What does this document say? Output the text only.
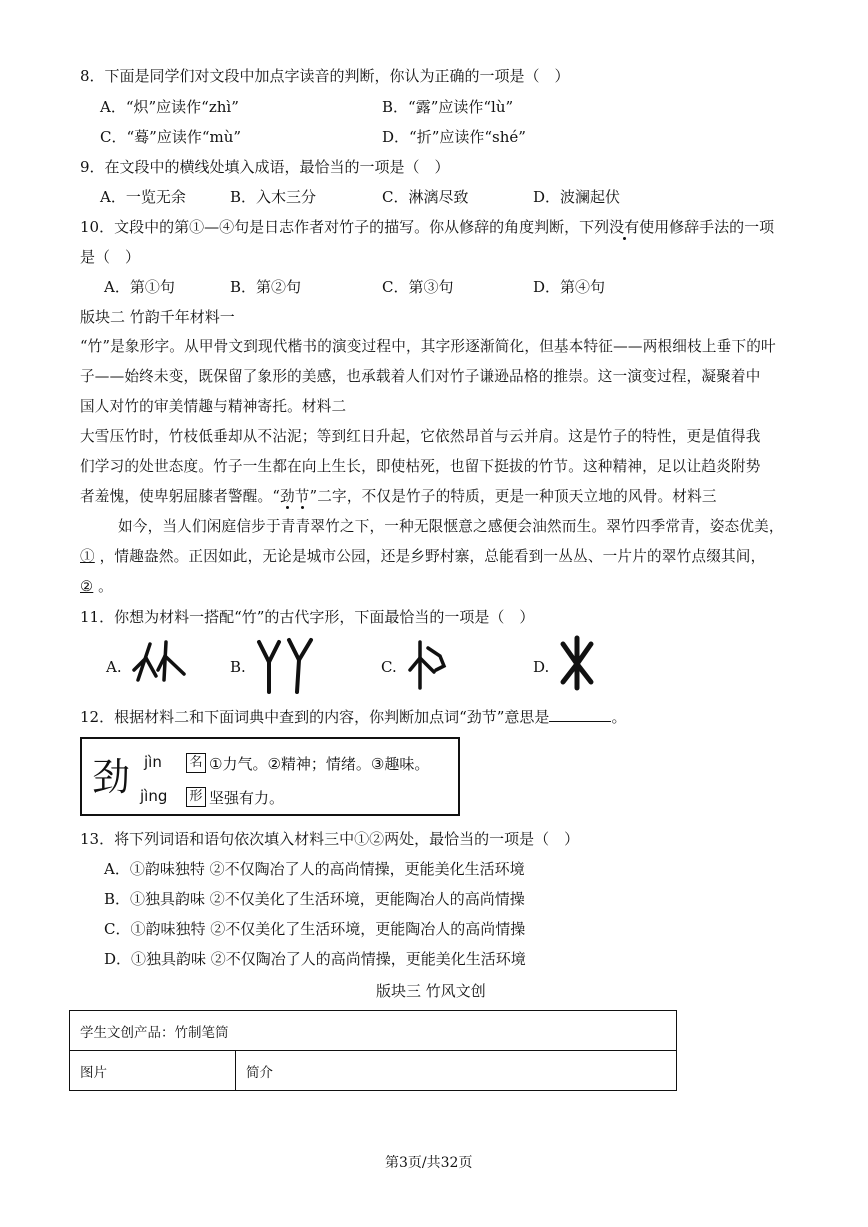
8．下面是同学们对文段中加点字读音的判断，你认为正确的一项是（　）
A．“炽”应读作“zhì”	B．“露”应读作“lù”
C．“蓦”应读作“mù”	D．“折”应读作“shé”
9．在文段中的横线处填入成语，最恰当的一项是（　）
A．一览无余	B．入木三分	C．淋漓尽致	D．波澜起伏
10．文段中的第①—④句是日志作者对竹子的描写。你从修辞的角度判断，下列没有使用修辞手法的一项
是（　）
A．第①句	B．第②句	C．第③句	D．第④句
版块二 竹韵千年材料一
“竹”是象形字。从甲骨文到现代楷书的演变过程中，其字形逐渐简化，但基本特征——两根细枝上垂下的叶
子——始终未变，既保留了象形的美感，也承载着人们对竹子谦逊品格的推崇。这一演变过程，凝聚着中
国人对竹的审美情趣与精神寄托。材料二
大雪压竹时，竹枝低垂却从不沾泥；等到红日升起，它依然昂首与云并肩。这是竹子的特性，更是值得我
们学习的处世态度。竹子一生都在向上生长，即使枯死，也留下挺拔的竹节。这种精神，足以让趋炎附势
者羞愧，使卑躬屈膝者警醒。“劲节”二字，不仅是竹子的特质，更是一种顶天立地的风骨。材料三
如今，当人们闲庭信步于青青翠竹之下，一种无限惬意之感便会油然而生。翠竹四季常青，姿态优美，
① ，情趣盎然。正因如此，无论是城市公园，还是乡野村寨，总能看到一丛丛、一片片的翠竹点缀其间，
② 。
11．你想为材料一搭配“竹”的古代字形，下面最恰当的一项是（　）
A.	B.	C.	D.
12．根据材料二和下面词典中查到的内容，你判断加点词“劲节”意思是	。
劲 jìn 名 ①力气。②精神；情绪。③趣味。
jìng 形 坚强有力。
13．将下列词语和语句依次填入材料三中①②两处，最恰当的一项是（　）
A．①韵味独特 ②不仅陶冶了人的高尚情操，更能美化生活环境
B．①独具韵味 ②不仅美化了生活环境，更能陶冶人的高尚情操
C．①韵味独特 ②不仅美化了生活环境，更能陶冶人的高尚情操
D．①独具韵味 ②不仅陶冶了人的高尚情操，更能美化生活环境
版块三 竹风文创
学生文创产品：竹制笔筒
图片	简介
第3页/共32页
